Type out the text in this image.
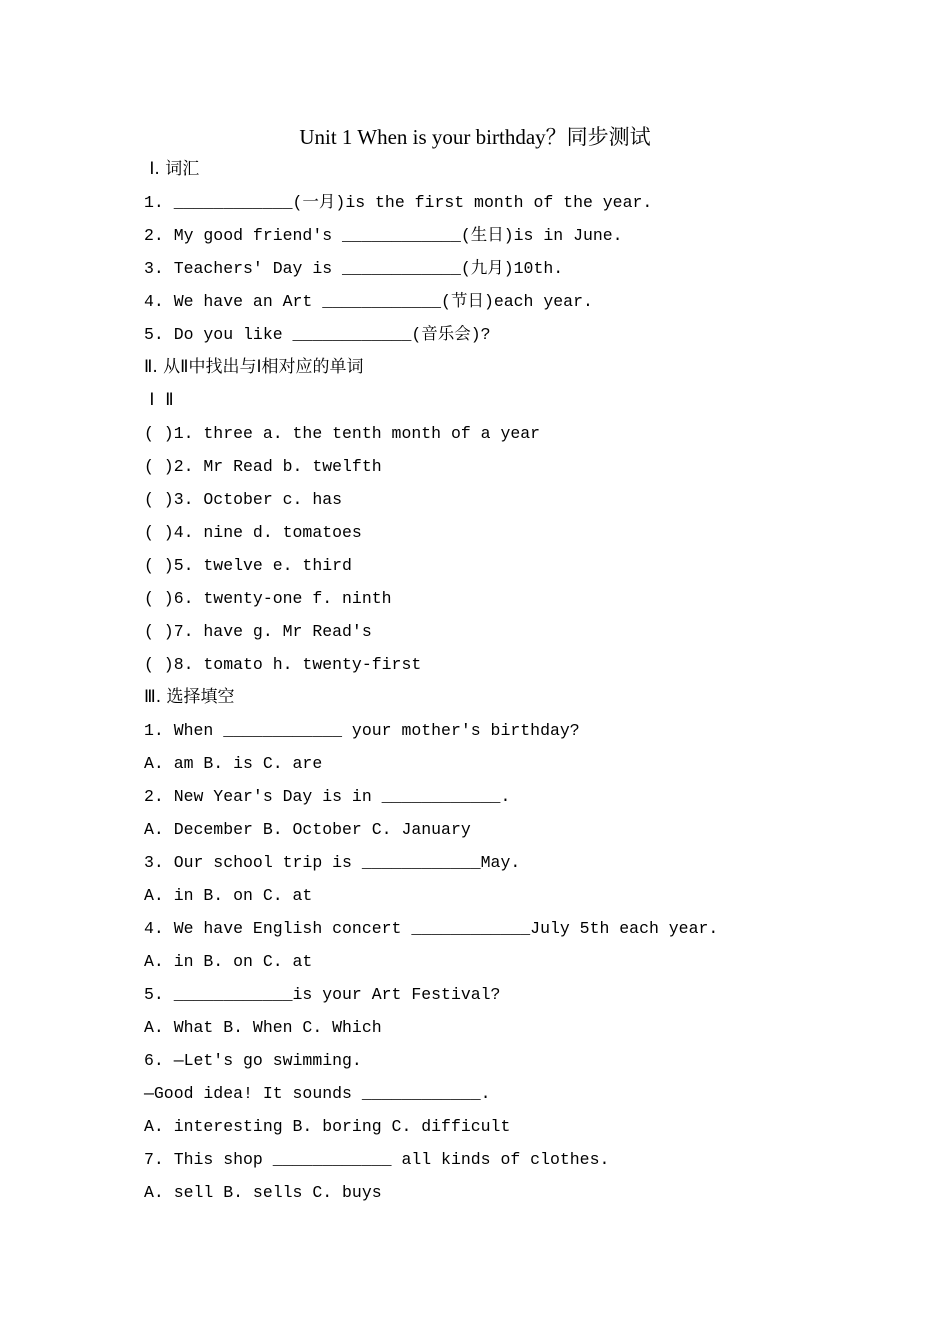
Unit 1 When is your birthday？同步测试
Ⅰ. 词汇
1. ____________(一月)is the first month of the year.
2. My good friend's ____________(生日)is in June.
3. Teachers' Day is ____________(九月)10th.
4. We have an Art ____________(节日)each year.
5. Do you like ____________(音乐会)?
Ⅱ. 从Ⅱ中找出与Ⅰ相对应的单词
Ⅰ  Ⅱ
( )1. three a. the tenth month of a year
( )2. Mr Read b. twelfth
( )3. October c. has
( )4. nine d. tomatoes
( )5. twelve e. third
( )6. twenty-one f. ninth
( )7. have g. Mr Read's
( )8. tomato h. twenty-first
Ⅲ. 选择填空
1. When ____________ your mother's birthday?
A. am B. is C. are
2. New Year's Day is in ____________.
A. December B. October C. January
3. Our school trip is ____________May.
A. in B. on C. at
4. We have English concert ____________July 5th each year.
A. in B. on C. at
5. ____________is your Art Festival?
A. What B. When C. Which
6. —Let's go swimming.
—Good idea! It sounds ____________.
A. interesting B. boring C. difficult
7. This shop ____________ all kinds of clothes.
A. sell B. sells C. buys
